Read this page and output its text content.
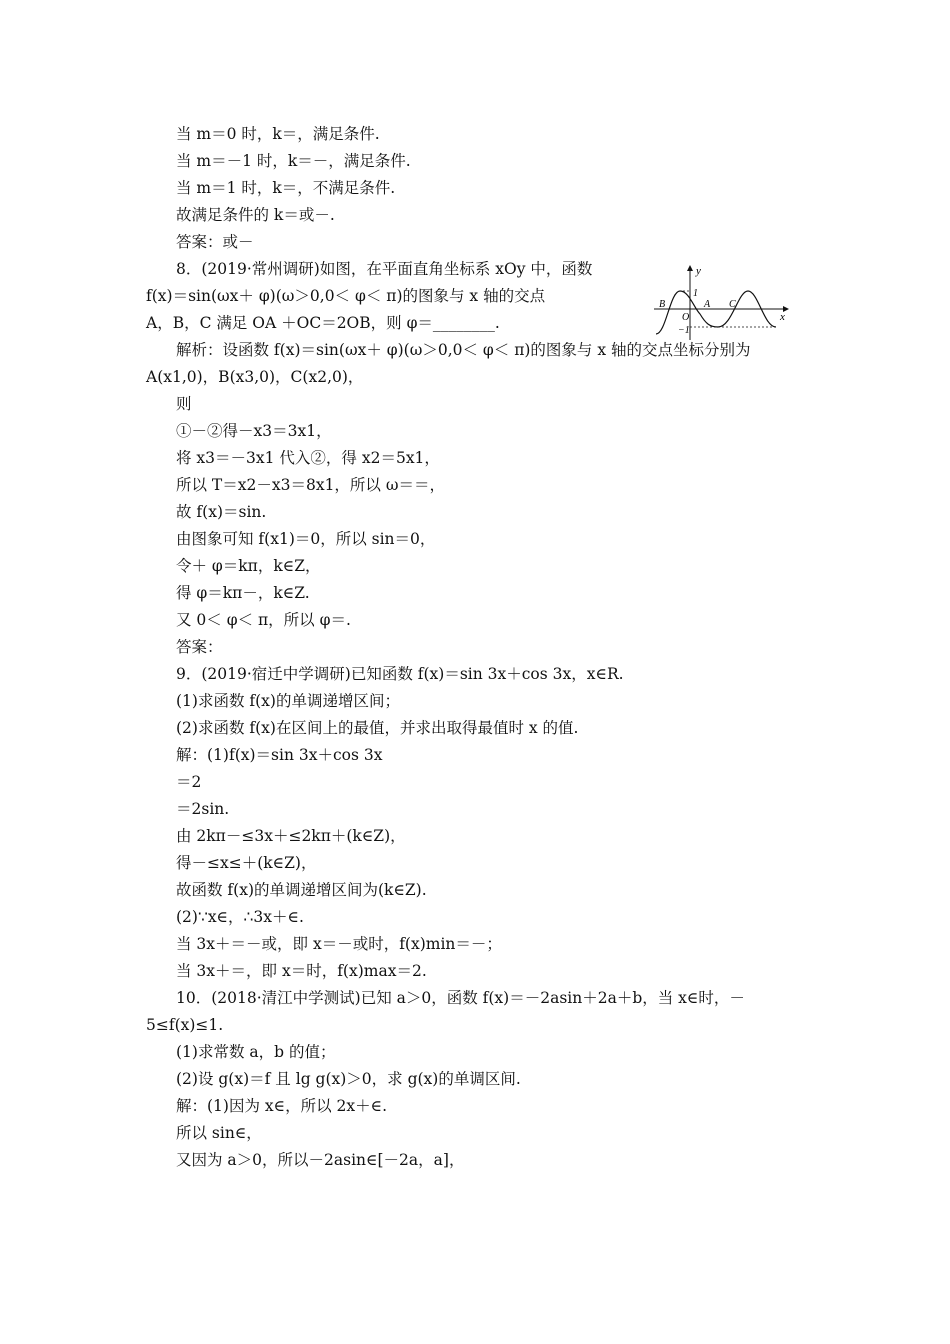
当 m＝0 时，k＝，满足条件.
当 m＝－1 时，k＝－，满足条件.
当 m＝1 时，k＝，不满足条件.
故满足条件的 k＝或－.
答案：或－
8．(2019·常州调研)如图，在平面直角坐标系 xOy 中，函数
f(x)＝sin(ωx＋ φ)(ω＞0,0＜ φ＜ π)的图象与 x 轴的交点
A，B，C 满足 OA ＋OC＝2OB，则 φ＝________.
解析：设函数 f(x)＝sin(ωx＋ φ)(ω＞0,0＜ φ＜ π)的图象与 x 轴的交点坐标分别为
A(x1,0)，B(x3,0)，C(x2,0)，
则
①－②得－x3＝3x1，
将 x3＝－3x1 代入②，得 x2＝5x1，
所以 T＝x2－x3＝8x1，所以 ω＝＝，
故 f(x)＝sin.
由图象可知 f(x1)＝0，所以 sin＝0，
令＋ φ＝kπ，k∈Z，
得 φ＝kπ－，k∈Z.
又 0＜ φ＜ π，所以 φ＝.
答案：
9．(2019·宿迁中学调研)已知函数 f(x)＝sin 3x＋cos 3x，x∈R.
(1)求函数 f(x)的单调递增区间；
(2)求函数 f(x)在区间上的最值，并求出取得最值时 x 的值.
解：(1)f(x)＝sin 3x＋cos 3x
＝2
＝2sin.
由 2kπ－≤3x＋≤2kπ＋(k∈Z)，
得－≤x≤＋(k∈Z)，
故函数 f(x)的单调递增区间为(k∈Z).
(2)∵x∈，∴3x＋∈.
当 3x＋＝－或，即 x＝－或时，f(x)min＝－；
当 3x＋＝，即 x＝时，f(x)max＝2.
10．(2018·清江中学测试)已知 a＞0，函数 f(x)＝－2asin＋2a＋b，当 x∈时，－
5≤f(x)≤1.
(1)求常数 a，b 的值；
(2)设 g(x)＝f 且 lg g(x)＞0，求 g(x)的单调区间.
解：(1)因为 x∈，所以 2x＋∈.
所以 sin∈，
又因为 a＞0，所以－2asin∈[－2a，a]，
y
x
1
−1
O
A
B	C
